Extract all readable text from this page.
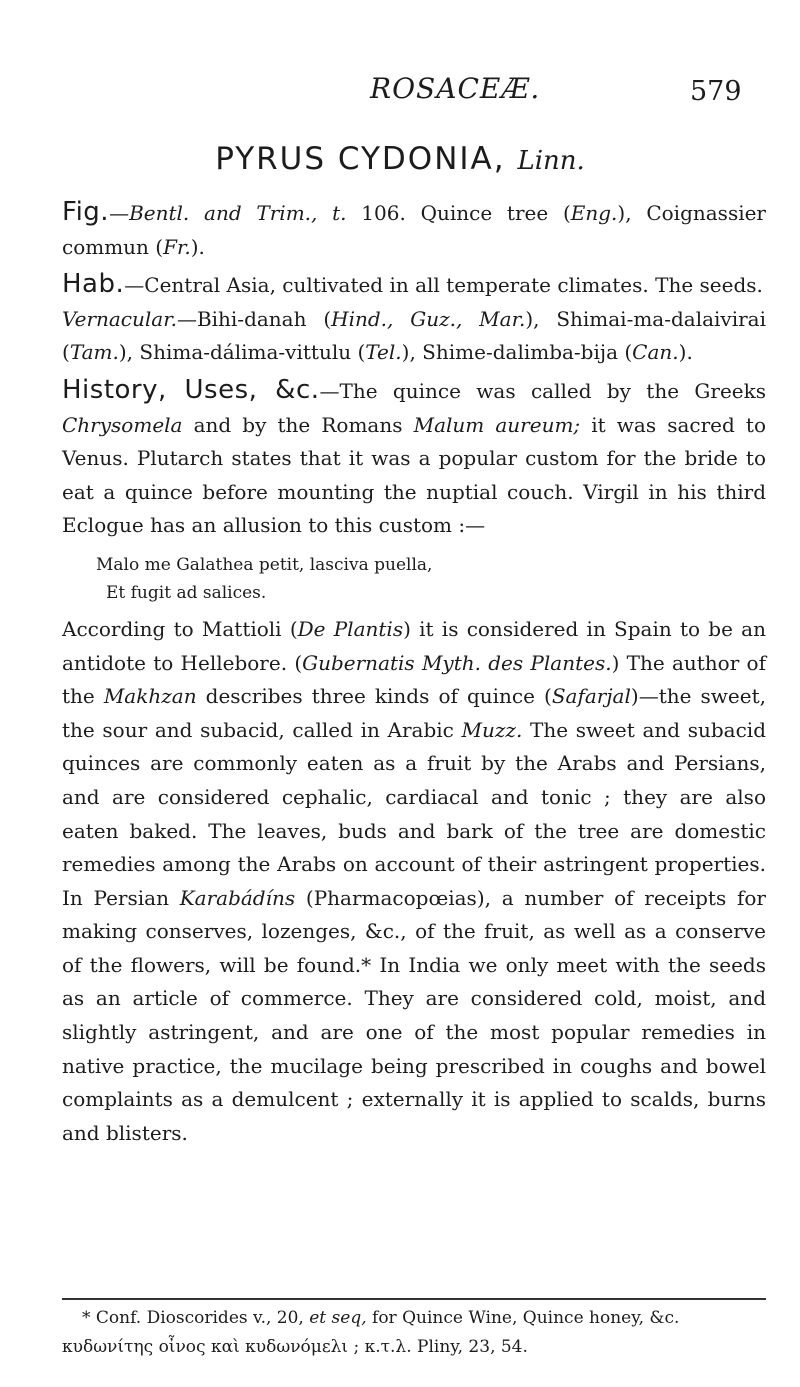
ROSACEÆ.	579
PYRUS CYDONIA, Linn.

Fig.—Bentl. and Trim., t. 106. Quince tree (Eng.), Coignassier commun (Fr.).

Hab.—Central Asia, cultivated in all temperate climates. The seeds.

Vernacular.—Bihi-danah (Hind., Guz., Mar.), Shimai-ma-dalaivirai (Tam.), Shima-dálima-vittulu (Tel.), Shime-dalimba-bija (Can.).

History, Uses, &c.—The quince was called by the Greeks Chrysomela and by the Romans Malum aureum; it was sacred to Venus. Plutarch states that it was a popular custom for the bride to eat a quince before mounting the nuptial couch. Virgil in his third Eclogue has an allusion to this custom :—

Malo me Galathea petit, lasciva puella,
Et fugit ad salices.

According to Mattioli (De Plantis) it is considered in Spain to be an antidote to Hellebore. (Gubernatis Myth. des Plantes.) The author of the Makhzan describes three kinds of quince (Safarjal)—the sweet, the sour and subacid, called in Arabic Muzz. The sweet and subacid quinces are commonly eaten as a fruit by the Arabs and Persians, and are considered cephalic, cardiacal and tonic ; they are also eaten baked. The leaves, buds and bark of the tree are domestic remedies among the Arabs on account of their astringent properties. In Persian Karabádíns (Pharmacopœias), a number of receipts for making conserves, lozenges, &c., of the fruit, as well as a conserve of the flowers, will be found.* In India we only meet with the seeds as an article of commerce. They are considered cold, moist, and slightly astringent, and are one of the most popular remedies in native practice, the mucilage being prescribed in coughs and bowel complaints as a demulcent ; externally it is applied to scalds, burns and blisters.

* Conf. Dioscorides v., 20, et seq, for Quince Wine, Quince honey, &c.

κυδωνίτης οἶνος καὶ κυδωνόμελι ; κ.τ.λ. Pliny, 23, 54.
